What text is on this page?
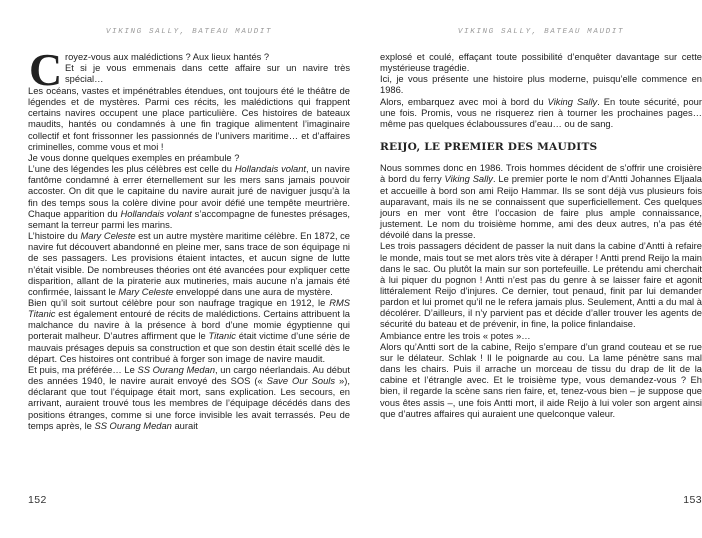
VIKING SALLY, BATEAU MAUDIT

C royez-vous aux malédictions ? Aux lieux hantés ?
Et si je vous emmenais dans cette affaire sur un navire très spécial…

Les océans, vastes et impénétrables étendues, ont toujours été le théâtre de légendes et de mystères. Parmi ces récits, les malédictions qui frappent certains navires occupent une place particulière. Ces histoires de bateaux maudits, hantés ou condamnés à une fin tragique alimentent l’imaginaire collectif et font frissonner les passionnés de l’univers maritime… et d’affaires criminelles, comme vous et moi !

Je vous donne quelques exemples en préambule ?

L’une des légendes les plus célèbres est celle du Hollandais volant, un navire fantôme condamné à errer éternellement sur les mers sans jamais pouvoir accoster. On dit que le capitaine du navire aurait juré de naviguer jusqu’à la fin des temps sous la colère divine pour avoir défié une tempête meurtrière. Chaque apparition du Hollandais volant s’accompagne de funestes présages, semant la terreur parmi les marins.

L’histoire du Mary Celeste est un autre mystère maritime célèbre. En 1872, ce navire fut découvert abandonné en pleine mer, sans trace de son équipage ni de ses passagers. Les provisions étaient intactes, et aucun signe de lutte n’était visible. De nombreuses théories ont été avancées pour expliquer cette disparition, allant de la piraterie aux mutineries, mais aucune n’a jamais été confirmée, laissant le Mary Celeste enveloppé dans une aura de mystère.

Bien qu’il soit surtout célèbre pour son naufrage tragique en 1912, le RMS Titanic est également entouré de récits de malédictions. Certains attribuent la malchance du navire à la présence à bord d’une momie égyptienne qui porterait malheur. D’autres affirment que le Titanic était victime d’une série de mauvais présages depuis sa construction et que son destin était scellé dès le départ. Ces histoires ont contribué à forger son image de navire maudit.

Et puis, ma préférée… Le SS Ourang Medan, un cargo néerlandais. Au début des années 1940, le navire aurait envoyé des SOS (« Save Our Souls »), déclarant que tout l’équipage était mort, sans explication. Les secours, en arrivant, auraient trouvé tous les membres de l’équipage décédés dans des positions étranges, comme si une force invisible les avait terrassés. Peu de temps après, le SS Ourang Medan aurait

152
VIKING SALLY, BATEAU MAUDIT

explosé et coulé, effaçant toute possibilité d’enquêter davantage sur cette mystérieuse tragédie.

Ici, je vous présente une histoire plus moderne, puisqu’elle commence en 1986.

Alors, embarquez avec moi à bord du Viking Sally. En toute sécurité, pour une fois. Promis, vous ne risquerez rien à tourner les prochaines pages… même pas quelques éclaboussures d’eau… ou de sang.

REIJO, LE PREMIER DES MAUDITS

Nous sommes donc en 1986. Trois hommes décident de s’offrir une croisière à bord du ferry Viking Sally. Le premier porte le nom d’Antti Johannes Eljaala et accueille à bord son ami Reijo Hammar. Ils se sont déjà vus plusieurs fois auparavant, mais ils ne se connaissent que superficiellement. Ces quelques jours en mer vont être l’occasion de faire plus ample connaissance, justement. Le nom du troisième homme, ami des deux autres, n’a pas été dévoilé dans la presse.

Les trois passagers décident de passer la nuit dans la cabine d’Antti à refaire le monde, mais tout se met alors très vite à déraper ! Antti prend Reijo la main dans le sac. Ou plutôt la main sur son portefeuille. Le prétendu ami cherchait à lui piquer du pognon ! Antti n’est pas du genre à se laisser faire et agonit littéralement Reijo d’injures. Ce dernier, tout penaud, finit par lui demander pardon et lui promet qu’il ne le refera jamais plus. Seulement, Antti a du mal à décolérer. D’ailleurs, il n’y parvient pas et décide d’aller trouver les agents de sécurité du bateau et de prévenir, in fine, la police finlandaise.

Ambiance entre les trois « potes »…

Alors qu’Antti sort de la cabine, Reijo s’empare d’un grand couteau et se rue sur le délateur. Schlak ! Il le poignarde au cou. La lame pénètre sans mal dans les chairs. Puis il arrache un morceau de tissu du drap de lit de la cabine et l’étrangle avec. Et le troisième type, vous demandez-vous ? Eh bien, il regarde la scène sans rien faire, et, tenez-vous bien – je suppose que vous êtes assis –, une fois Antti mort, il aide Reijo à lui voler son argent ainsi que d’autres affaires qui auraient une quelconque valeur.

153
